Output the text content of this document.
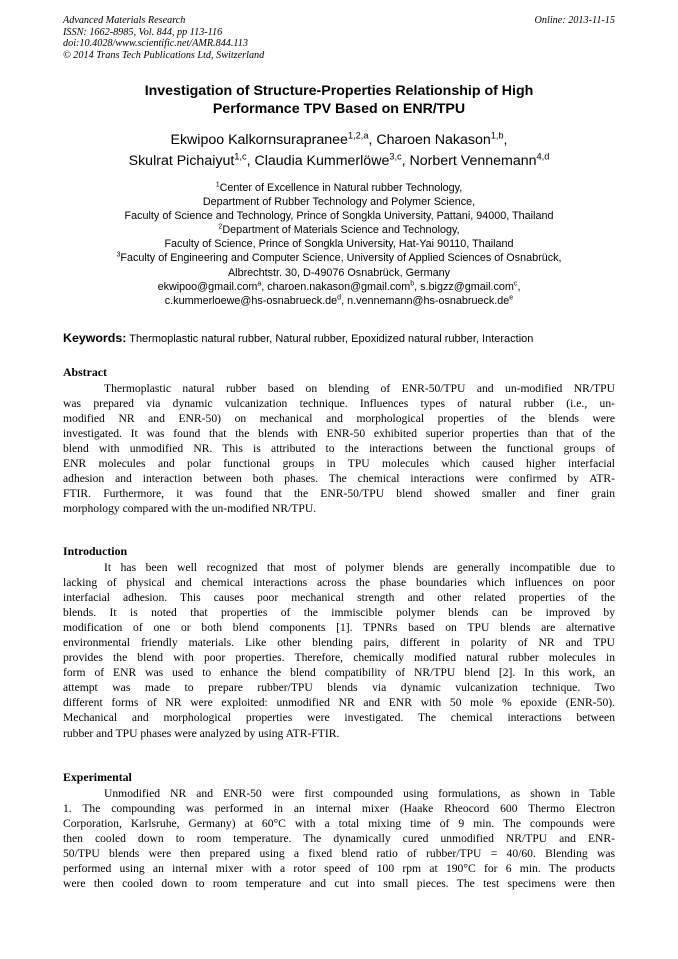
Advanced Materials Research
ISSN: 1662-8985, Vol. 844, pp 113-116
doi:10.4028/www.scientific.net/AMR.844.113
© 2014 Trans Tech Publications Ltd, Switzerland
Online: 2013-11-15
Investigation of Structure-Properties Relationship of High
Performance TPV Based on ENR/TPU
Ekwipoo Kalkornsurapranee$^{1,2,a}$, Charoen Nakason$^{1,b}$,
Skulrat Pichaiyut$^{1,c}$, Claudia Kummerlöwe$^{3,c}$, Norbert Vennemann$^{4,d}$
$^1$Center of Excellence in Natural rubber Technology,
Department of Rubber Technology and Polymer Science,
Faculty of Science and Technology, Prince of Songkla University, Pattani, 94000, Thailand
$^2$Department of Materials Science and Technology,
Faculty of Science, Prince of Songkla University, Hat-Yai 90110, Thailand
$^3$Faculty of Engineering and Computer Science, University of Applied Sciences of Osnabrück,
Albrechtstr. 30, D-49076 Osnabrück, Germany
ekwipoo@gmail.com$^a$, charoen.nakason@gmail.com$^b$, s.bigzz@gmail.com$^c$,
$c.kummerloewe@hs-osnabrueck.de^d$, $n.vennemann@hs-osnabrueck.de^e$
Keywords: Thermoplastic natural rubber, Natural rubber, Epoxidized natural rubber, Interaction
Abstract
Thermoplastic natural rubber based on blending of ENR-50/TPU and un-modified NR/TPU
was prepared via dynamic vulcanization technique. Influences types of natural rubber (i.e., un-
modified NR and ENR-50) on mechanical and morphological properties of the blends were
investigated. It was found that the blends with ENR-50 exhibited superior properties than that of the
blend with unmodified NR. This is attributed to the interactions between the functional groups of
ENR molecules and polar functional groups in TPU molecules which caused higher interfacial
adhesion and interaction between both phases. The chemical interactions were confirmed by ATR-
FTIR. Furthermore, it was found that the ENR-50/TPU blend showed smaller and finer grain
morphology compared with the un-modified NR/TPU.
Introduction
It has been well recognized that most of polymer blends are generally incompatible due to
lacking of physical and chemical interactions across the phase boundaries which influences on poor
interfacial adhesion. This causes poor mechanical strength and other related properties of the
blends. It is noted that properties of the immiscible polymer blends can be improved by
modification of one or both blend components [1]. TPNRs based on TPU blends are alternative
environmental friendly materials. Like other blending pairs, different in polarity of NR and TPU
provides the blend with poor properties. Therefore, chemically modified natural rubber molecules in
form of ENR was used to enhance the blend compatibility of NR/TPU blend [2]. In this work, an
attempt was made to prepare rubber/TPU blends via dynamic vulcanization technique. Two
different forms of NR were exploited: unmodified NR and ENR with 50 mole % epoxide (ENR-50).
Mechanical and morphological properties were investigated. The chemical interactions between
rubber and TPU phases were analyzed by using ATR-FTIR.
Experimental
Unmodified NR and ENR-50 were first compounded using formulations, as shown in Table
1. The compounding was performed in an internal mixer (Haake Rheocord 600 Thermo Electron
Corporation, Karlsruhe, Germany) at 60°C with a total mixing time of 9 min. The compounds were
then cooled down to room temperature. The dynamically cured unmodified NR/TPU and ENR-
50/TPU blends were then prepared using a fixed blend ratio of rubber/TPU = 40/60. Blending was
performed using an internal mixer with a rotor speed of 100 rpm at 190°C for 6 min. The products
were then cooled down to room temperature and cut into small pieces. The test specimens were then
